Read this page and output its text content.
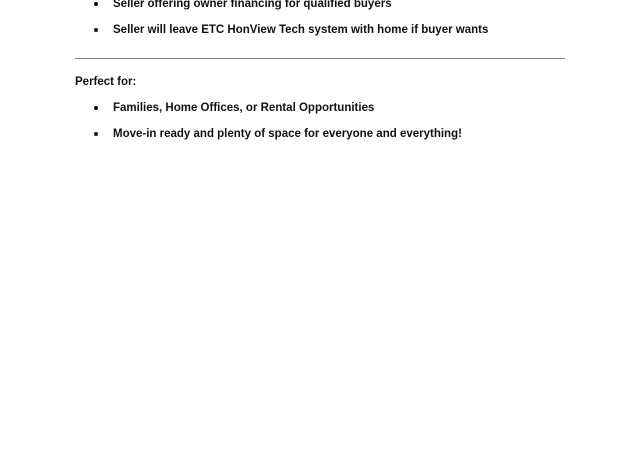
Seller offering owner financing for qualified buyers
Seller will leave ETC HonView Tech system with home if buyer wants

Perfect for:

Families, Home Offices, or Rental Opportunities
Move-in ready and plenty of space for everyone and everything!
